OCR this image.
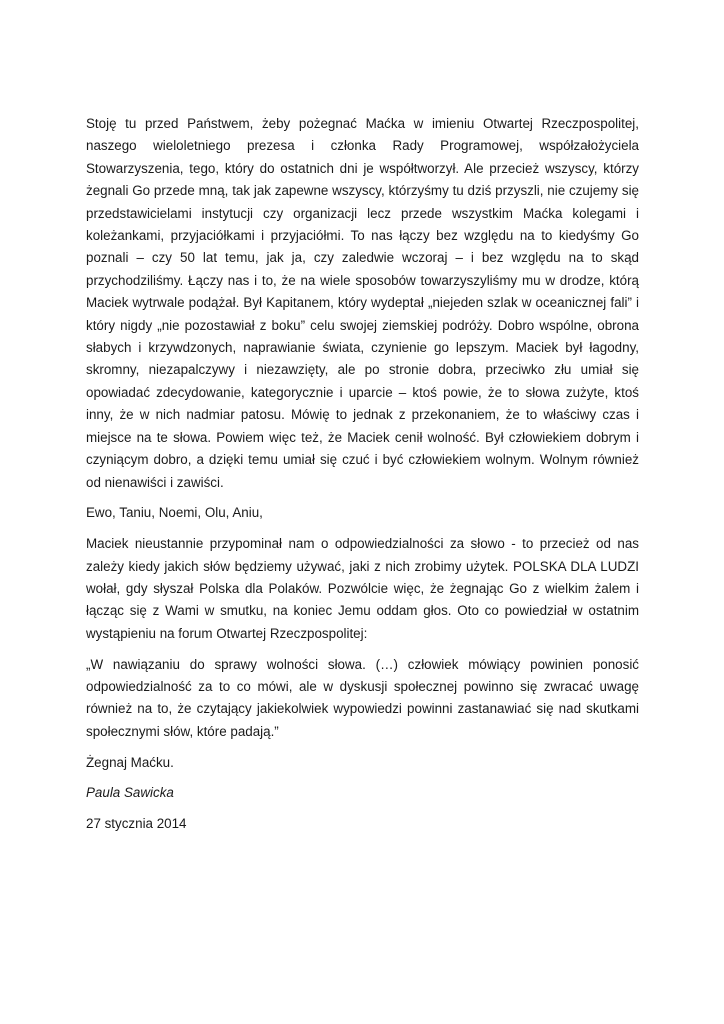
Stoję tu przed Państwem, żeby pożegnać Maćka w imieniu Otwartej Rzeczpospolitej, naszego wieloletniego prezesa i członka Rady Programowej, współzałożyciela Stowarzyszenia, tego, który do ostatnich dni je współtworzył. Ale przecież wszyscy, którzy żegnali Go przede mną, tak jak zapewne wszyscy, którzyśmy tu dziś przyszli, nie czujemy się przedstawicielami instytucji czy organizacji lecz przede wszystkim Maćka kolegami i koleżankami, przyjaciółkami i przyjaciółmi. To nas łączy bez względu na to kiedyśmy Go poznali – czy 50 lat temu, jak ja, czy zaledwie wczoraj – i bez względu na to skąd przychodziliśmy. Łączy nas i to, że na wiele sposobów towarzyszyliśmy mu w drodze, którą Maciek wytrwale podążał. Był Kapitanem, który wydeptał „niejeden szlak w oceanicznej fali” i który nigdy „nie pozostawiał z boku” celu swojej ziemskiej podróży. Dobro wspólne, obrona słabych i krzywdzonych, naprawianie świata, czynienie go lepszym. Maciek był łagodny, skromny, niezapalczywy i niezawzięty, ale po stronie dobra, przeciwko złu umiał się opowiadać zdecydowanie, kategorycznie i uparcie – ktoś powie, że to słowa zużyte, ktoś inny, że w nich nadmiar patosu. Mówię to jednak z przekonaniem, że to właściwy czas i miejsce na te słowa. Powiem więc też, że Maciek cenił wolność. Był człowiekiem dobrym i czyniącym dobro, a dzięki temu umiał się czuć i być człowiekiem wolnym. Wolnym również od nienawiści i zawiści.

Ewo, Taniu, Noemi, Olu, Aniu,

Maciek nieustannie przypominał nam o odpowiedzialności za słowo - to przecież od nas zależy kiedy jakich słów będziemy używać, jaki z nich zrobimy użytek. POLSKA DLA LUDZI wołał, gdy słyszał Polska dla Polaków. Pozwólcie więc, że żegnając Go z wielkim żalem i łącząc się z Wami w smutku, na koniec Jemu oddam głos. Oto co powiedział w ostatnim wystąpieniu na forum Otwartej Rzeczpospolitej:

„W nawiązaniu do sprawy wolności słowa. (…) człowiek mówiący powinien ponosić odpowiedzialność za to co mówi, ale w dyskusji społecznej powinno się zwracać uwagę również na to, że czytający jakiekolwiek wypowiedzi powinni zastanawiać się nad skutkami społecznymi słów, które padają.”

Żegnaj Maćku.

Paula Sawicka

27 stycznia 2014
